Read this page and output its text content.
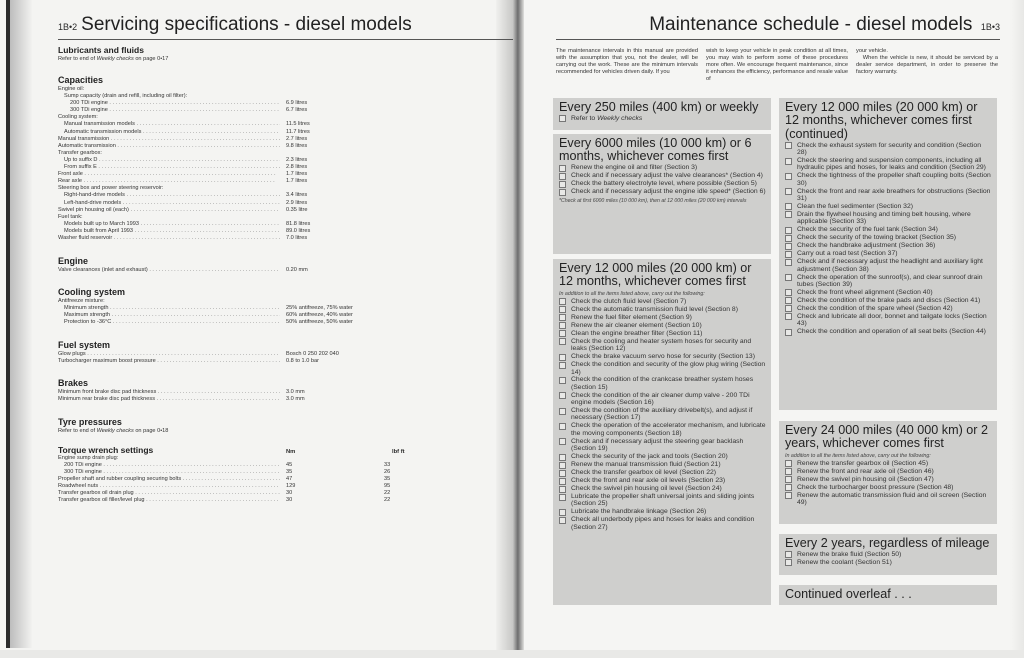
1B•2 Servicing specifications - diesel models
Lubricants and fluids
Refer to end of Weekly checks on page 0•17
Capacities
Engine oil:
Sump capacity (drain and refill, including oil filter):
200 TDi engine . . .	6.9 litres
300 TDi engine . . .	6.7 litres
Cooling system:
Manual transmission models . . .	11.5 litres
Automatic transmission models . . .	11.7 litres
Manual transmission . . .	2.7 litres
Automatic transmission . . .	9.8 litres
Transfer gearbox:
Up to suffix D . . .	2.3 litres
From suffix E . . .	2.8 litres
Front axle . . .	1.7 litres
Rear axle . . .	1.7 litres
Steering box and power steering reservoir:
Right-hand-drive models . . .	3.4 litres
Left-hand-drive models . . .	2.9 litres
Swivel pin housing oil (each) . . .	0.35 litre
Fuel tank:
Models built up to March 1993 . . .	81.8 litres
Models built from April 1993 . . .	89.0 litres
Washer fluid reservoir . . .	7.0 litres
Engine
Valve clearances (inlet and exhaust) . . .	0.20 mm
Cooling system
Antifreeze mixture:
Minimum strength . . .	25% antifreeze, 75% water
Maximum strength . . .	60% antifreeze, 40% water
Protection to -36°C . . .	50% antifreeze, 50% water
Fuel system
Glow plugs . . .	Bosch 0 250 202 040
Turbocharger maximum boost pressure . . .	0.8 to 1.0 bar
Brakes
Minimum front brake disc pad thickness . . .	3.0 mm
Minimum rear brake disc pad thickness . . .	3.0 mm
Tyre pressures
Refer to end of Weekly checks on page 0•18
Torque wrench settings	Nm	lbf ft
Engine sump drain plug:
200 TDi engine . . .	45	33
300 TDi engine . . .	35	26
Propeller shaft and rubber coupling securing bolts . . .	47	35
Roadwheel nuts . . .	129	95
Transfer gearbox oil drain plug . . .	30	22
Transfer gearbox oil filler/level plug . . .	30	22
Maintenance schedule - diesel models 1B•3

The maintenance intervals in this manual are provided with the assumption that you, not the dealer, will be carrying out the work. These are the minimum intervals recommended for vehicles driven daily. If you

wish to keep your vehicle in peak condition at all times, you may wish to perform some of these procedures more often. We encourage frequent maintenance, since it enhances the efficiency, performance and resale value of

your vehicle.
When the vehicle is new, it should be serviced by a dealer service department, in order to preserve the factory warranty.

Every 250 miles (400 km) or weekly
Refer to Weekly checks
Every 6000 miles (10 000 km) or 6 months, whichever comes first
Renew the engine oil and filter (Section 3)
Check and if necessary adjust the valve clearances* (Section 4)
Check the battery electrolyte level, where possible (Section 5)
Check and if necessary adjust the engine idle speed* (Section 6)
*Check at first 6000 miles (10 000 km), then at 12 000 miles (20 000 km) intervals
Every 12 000 miles (20 000 km) or 12 months, whichever comes first
In addition to all the items listed above, carry out the following:
Check the clutch fluid level (Section 7)
Check the automatic transmission fluid level (Section 8)
Renew the fuel filter element (Section 9)
Renew the air cleaner element (Section 10)
Clean the engine breather filter (Section 11)
Check the cooling and heater system hoses for security and leaks (Section 12)
Check the brake vacuum servo hose for security (Section 13)
Check the condition and security of the glow plug wiring (Section 14)
Check the condition of the crankcase breather system hoses (Section 15)
Check the condition of the air cleaner dump valve - 200 TDi engine models (Section 16)
Check the condition of the auxiliary drivebelt(s), and adjust if necessary (Section 17)
Check the operation of the accelerator mechanism, and lubricate the moving components (Section 18)
Check and if necessary adjust the steering gear backlash (Section 19)
Check the security of the jack and tools (Section 20)
Renew the manual transmission fluid (Section 21)
Check the transfer gearbox oil level (Section 22)
Check the front and rear axle oil levels (Section 23)
Check the swivel pin housing oil level (Section 24)
Lubricate the propeller shaft universal joints and sliding joints (Section 25)
Lubricate the handbrake linkage (Section 26)
Check all underbody pipes and hoses for leaks and condition (Section 27)
Every 12 000 miles (20 000 km) or 12 months, whichever comes first (continued)
Check the exhaust system for security and condition (Section 28)
Check the steering and suspension components, including all hydraulic pipes and hoses, for leaks and condition (Section 29)
Check the tightness of the propeller shaft coupling bolts (Section 30)
Check the front and rear axle breathers for obstructions (Section 31)
Clean the fuel sedimenter (Section 32)
Drain the flywheel housing and timing belt housing, where applicable (Section 33)
Check the security of the fuel tank (Section 34)
Check the security of the towing bracket (Section 35)
Check the handbrake adjustment (Section 36)
Carry out a road test (Section 37)
Check and if necessary adjust the headlight and auxiliary light adjustment (Section 38)
Check the operation of the sunroof(s), and clear sunroof drain tubes (Section 39)
Check the front wheel alignment (Section 40)
Check the condition of the brake pads and discs (Section 41)
Check the condition of the spare wheel (Section 42)
Check and lubricate all door, bonnet and tailgate locks (Section 43)
Check the condition and operation of all seat belts (Section 44)
Every 24 000 miles (40 000 km) or 2 years, whichever comes first
In addition to all the items listed above, carry out the following:
Renew the transfer gearbox oil (Section 45)
Renew the front and rear axle oil (Section 46)
Renew the swivel pin housing oil (Section 47)
Check the turbocharger boost pressure (Section 48)
Renew the automatic transmission fluid and oil screen (Section 49)
Every 2 years, regardless of mileage
Renew the brake fluid (Section 50)
Renew the coolant (Section 51)
Continued overleaf . . .
